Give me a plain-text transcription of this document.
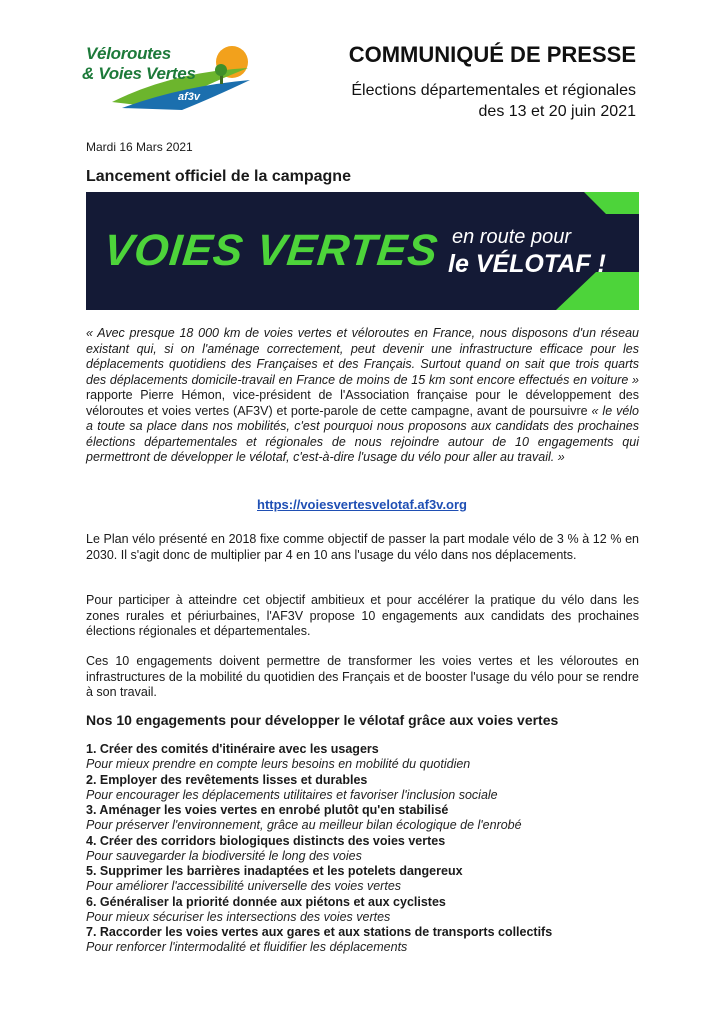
Véloroutes
& Voies Vertes
af3v
COMMUNIQUÉ DE PRESSE
Élections départementales et régionales
des 13 et 20 juin 2021
Mardi 16 Mars 2021
Lancement officiel de la campagne
VOIES VERTES en route pour
le VÉLOTAF !
« Avec presque 18 000 km de voies vertes et véloroutes en France, nous disposons d'un réseau existant qui, si on l'aménage correctement, peut devenir une infrastructure efficace pour les déplacements quotidiens des Françaises et des Français. Surtout quand on sait que trois quarts des déplacements domicile-travail en France de moins de 15 km sont encore effectués en voiture » rapporte Pierre Hémon, vice-président de l'Association française pour le développement des véloroutes et voies vertes (AF3V) et porte-parole de cette campagne, avant de poursuivre « le vélo a toute sa place dans nos mobilités, c'est pourquoi nous proposons aux candidats des prochaines élections départementales et régionales de nous rejoindre autour de 10 engagements qui permettront de développer le vélotaf, c'est-à-dire l'usage du vélo pour aller au travail. »
https://voiesvertesvelotaf.af3v.org
Le Plan vélo présenté en 2018 fixe comme objectif de passer la part modale vélo de 3 % à 12 % en 2030. Il s'agit donc de multiplier par 4 en 10 ans l'usage du vélo dans nos déplacements.
Pour participer à atteindre cet objectif ambitieux et pour accélérer la pratique du vélo dans les zones rurales et périurbaines, l'AF3V propose 10 engagements aux candidats des prochaines élections régionales et départementales.
Ces 10 engagements doivent permettre de transformer les voies vertes et les véloroutes en infrastructures de la mobilité du quotidien des Français et de booster l'usage du vélo pour se rendre à son travail.
Nos 10 engagements pour développer le vélotaf grâce aux voies vertes
1. Créer des comités d'itinéraire avec les usagers
Pour mieux prendre en compte leurs besoins en mobilité du quotidien
2. Employer des revêtements lisses et durables
Pour encourager les déplacements utilitaires et favoriser l'inclusion sociale
3. Aménager les voies vertes en enrobé plutôt qu'en stabilisé
Pour préserver l'environnement, grâce au meilleur bilan écologique de l'enrobé
4. Créer des corridors biologiques distincts des voies vertes
Pour sauvegarder la biodiversité le long des voies
5. Supprimer les barrières inadaptées et les potelets dangereux
Pour améliorer l'accessibilité universelle des voies vertes
6. Généraliser la priorité donnée aux piétons et aux cyclistes
Pour mieux sécuriser les intersections des voies vertes
7. Raccorder les voies vertes aux gares et aux stations de transports collectifs
Pour renforcer l'intermodalité et fluidifier les déplacements
